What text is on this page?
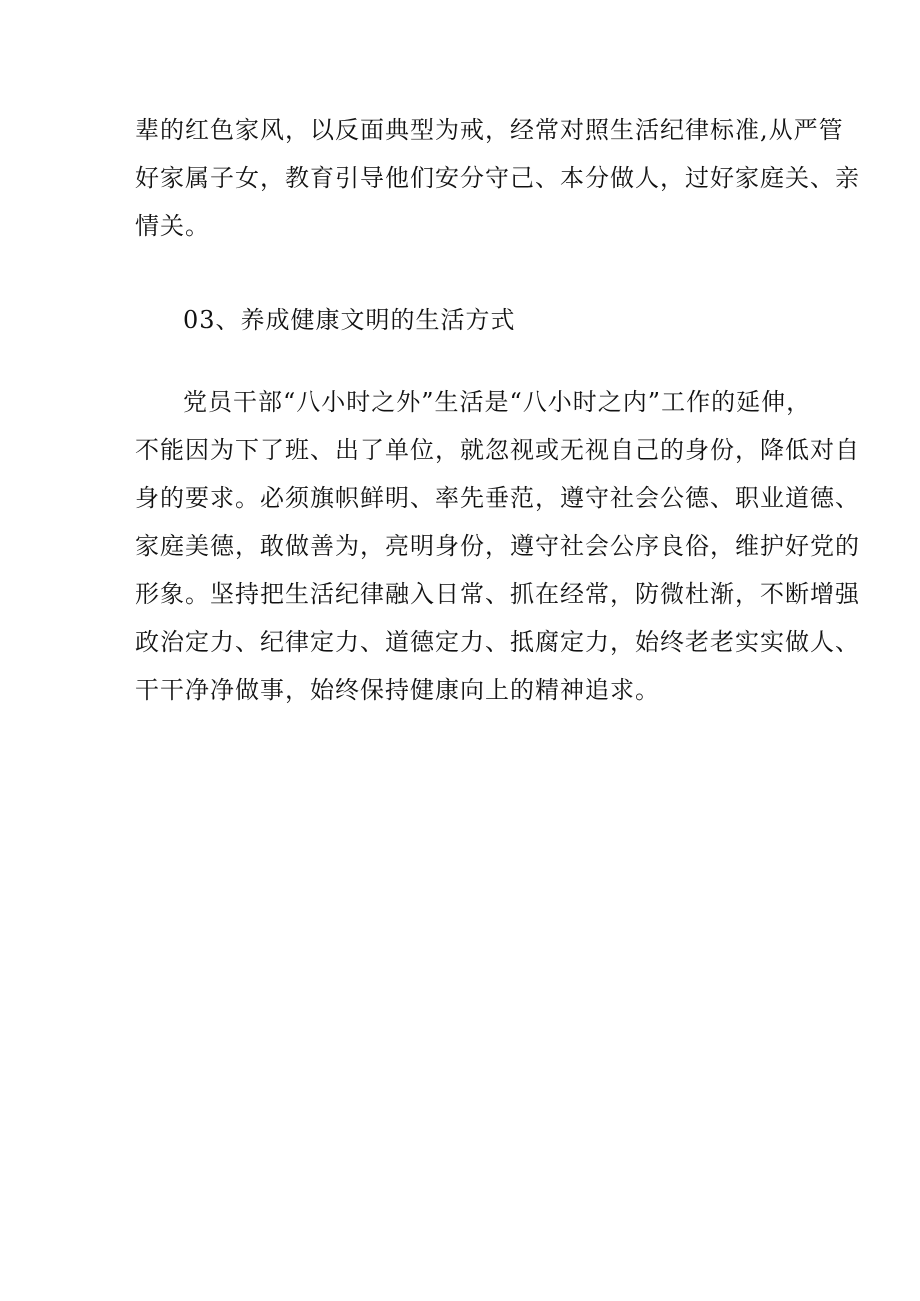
辈的红色家风，以反面典型为戒，经常对照生活纪律标准,从严管
好家属子女，教育引导他们安分守己、本分做人，过好家庭关、亲
情关。

03、养成健康文明的生活方式

党员干部“八小时之外”生活是“八小时之内”工作的延伸，
不能因为下了班、出了单位，就忽视或无视自己的身份，降低对自
身的要求。必须旗帜鲜明、率先垂范，遵守社会公德、职业道德、
家庭美德，敢做善为，亮明身份，遵守社会公序良俗，维护好党的
形象。坚持把生活纪律融入日常、抓在经常，防微杜渐，不断增强
政治定力、纪律定力、道德定力、抵腐定力，始终老老实实做人、
干干净净做事，始终保持健康向上的精神追求。
